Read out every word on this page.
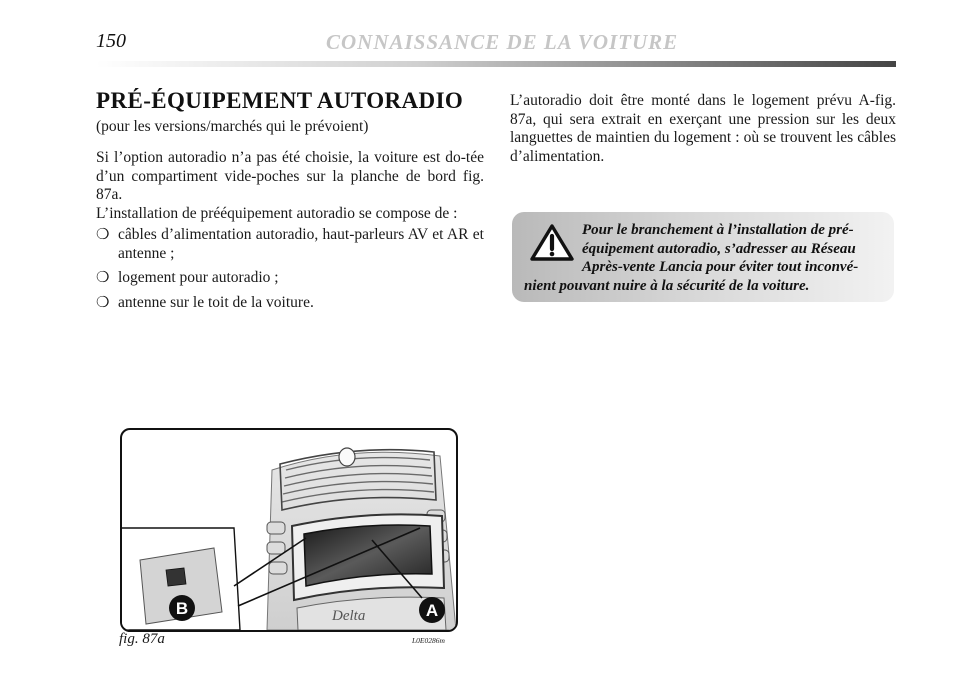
150	CONNAISSANCE DE LA VOITURE
PRÉ-ÉQUIPEMENT AUTORADIO

(pour les versions/marchés qui le prévoient)

Si l’option autoradio n’a pas été choisie, la voiture est do-tée d’un compartiment vide-poches sur la planche de bord fig. 87a.

L’installation de prééquipement autoradio se compose de :

❍ câbles d’alimentation autoradio, haut-parleurs AV et AR et antenne ;
❍ logement pour autoradio ;
❍ antenne sur le toit de la voiture.

L’autoradio doit être monté dans le logement prévu A-fig. 87a, qui sera extrait en exerçant une pression sur les deux languettes de maintien du logement : où se trouvent les câbles d’alimentation.

Pour le branchement à l’installation de pré-
équipement autoradio, s’adresser au Réseau
Après-vente Lancia pour éviter tout inconvé-
nient pouvant nuire à la sécurité de la voiture.

Delta
B	A
fig. 87a	L0E0286m
